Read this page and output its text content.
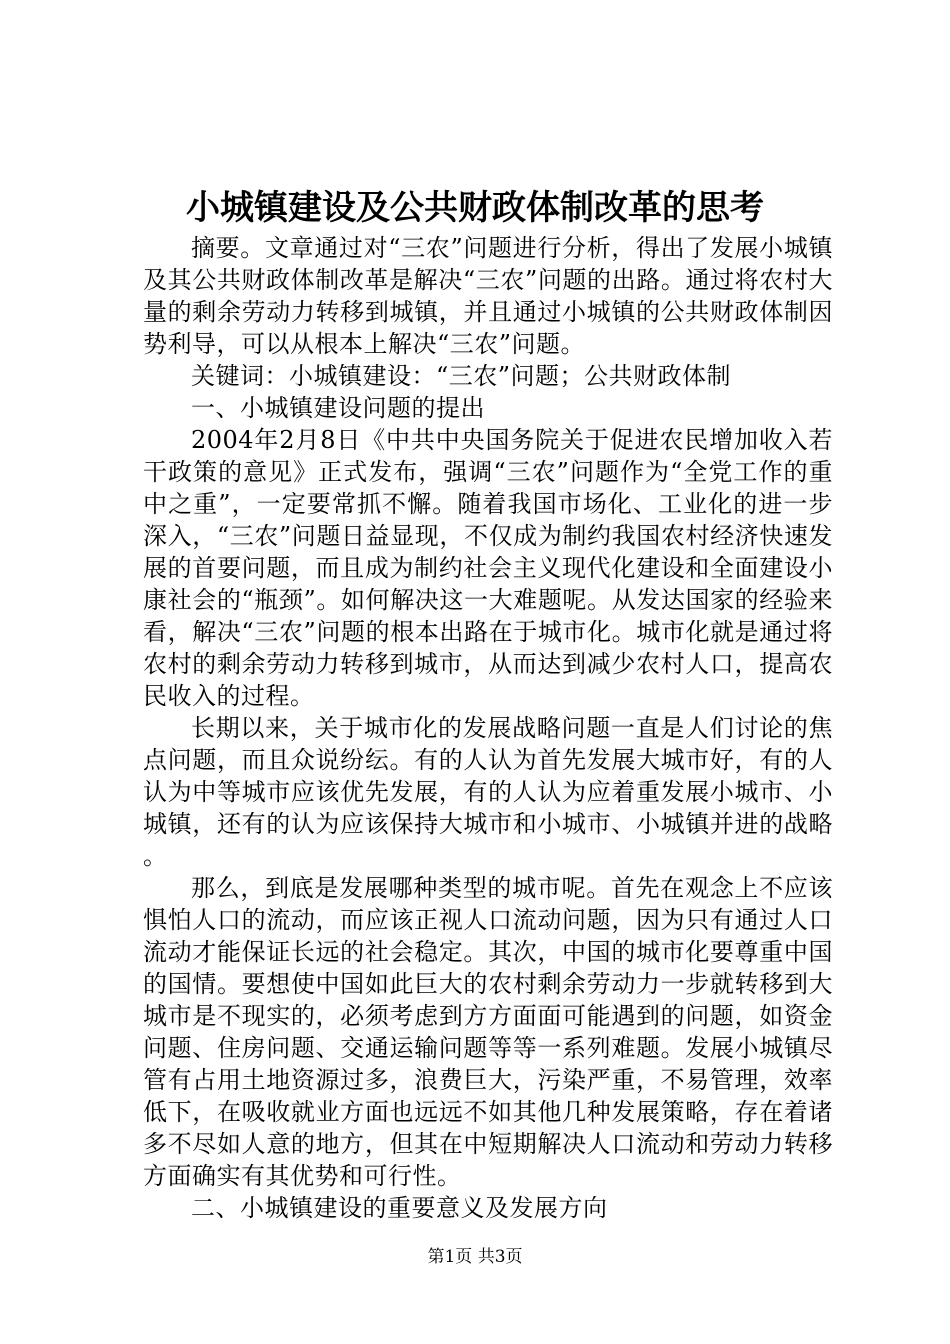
小城镇建设及公共财政体制改革的思考

摘要。文章通过对“三农”问题进行分析，得出了发展小城镇及其公共财政体制改革是解决“三农”问题的出路。通过将农村大量的剩余劳动力转移到城镇，并且通过小城镇的公共财政体制因势利导，可以从根本上解决“三农”问题。

关键词：小城镇建设：“三农”问题；公共财政体制

一、小城镇建设问题的提出

2004年2月8日《中共中央国务院关于促进农民增加收入若干政策的意见》正式发布，强调“三农”问题作为“全党工作的重中之重”，一定要常抓不懈。随着我国市场化、工业化的进一步深入，“三农”问题日益显现，不仅成为制约我国农村经济快速发展的首要问题，而且成为制约社会主义现代化建设和全面建设小康社会的“瓶颈”。如何解决这一大难题呢。从发达国家的经验来看，解决“三农”问题的根本出路在于城市化。城市化就是通过将农村的剩余劳动力转移到城市，从而达到减少农村人口，提高农民收入的过程。

长期以来，关于城市化的发展战略问题一直是人们讨论的焦点问题，而且众说纷纭。有的人认为首先发展大城市好，有的人认为中等城市应该优先发展，有的人认为应着重发展小城市、小城镇，还有的认为应该保持大城市和小城市、小城镇并进的战略。

那么，到底是发展哪种类型的城市呢。首先在观念上不应该惧怕人口的流动，而应该正视人口流动问题，因为只有通过人口流动才能保证长远的社会稳定。其次，中国的城市化要尊重中国的国情。要想使中国如此巨大的农村剩余劳动力一步就转移到大城市是不现实的，必须考虑到方方面面可能遇到的问题，如资金问题、住房问题、交通运输问题等等一系列难题。发展小城镇尽管有占用土地资源过多，浪费巨大，污染严重，不易管理，效率低下，在吸收就业方面也远远不如其他几种发展策略，存在着诸多不尽如人意的地方，但其在中短期解决人口流动和劳动力转移方面确实有其优势和可行性。

二、小城镇建设的重要意义及发展方向

第1页 共3页
